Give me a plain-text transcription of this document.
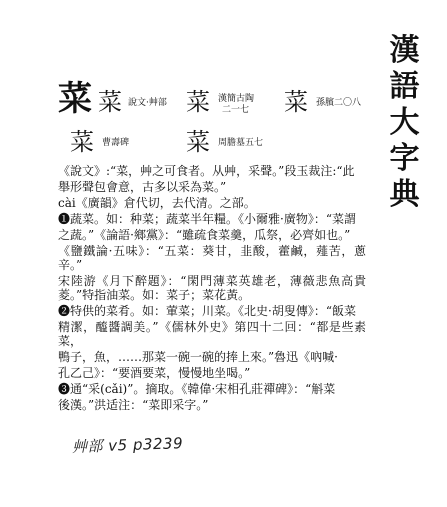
漢
語
大
字
典
菜 菜 說文·艸部 菜 漢簡古陶
二一七 菜 孫臏二〇八
菜 曹壽碑 菜 周膽墓五七

《說文》:“菜，艸之可食者。从艸，采聲。”段玉裁注:“此

舉形聲包會意，古多以采為菜。”

cài《廣韻》倉代切，去代清。之部。

❶蔬菜。如：种菜；蔬菜半年糧。《小爾雅·廣物》：“菜謂

之蔬。”《論語·鄉黨》：“雖疏食菜羹，瓜祭，必齊如也。”

《鹽鐵論·五味》：“五菜：葵甘，韭酸，藿鹹，薤苦，蔥辛。”

宋陸游《月下醉題》：“閑門薄菜英雄老，薄薇悲魚高貴菱。”特指油菜。如：菜子；菜花黃。

❷特供的菜肴。如：葷菜；川菜。《北史·胡叟傳》：“飯菜

精潔，醯醬調美。”《儒林外史》第四十二回：“都是些素菜，

鴨子，魚，……那菜一碗一碗的捧上來。”魯迅《吶喊·

孔乙己》：“要酒要菜，慢慢地坐喝。”

❸通“采(cǎi)”。摘取。《韓偉·宋相孔莊禪碑》：“斛菜

後漢。”洪适注：“菜即采字。”

艸部 v5 p3239
